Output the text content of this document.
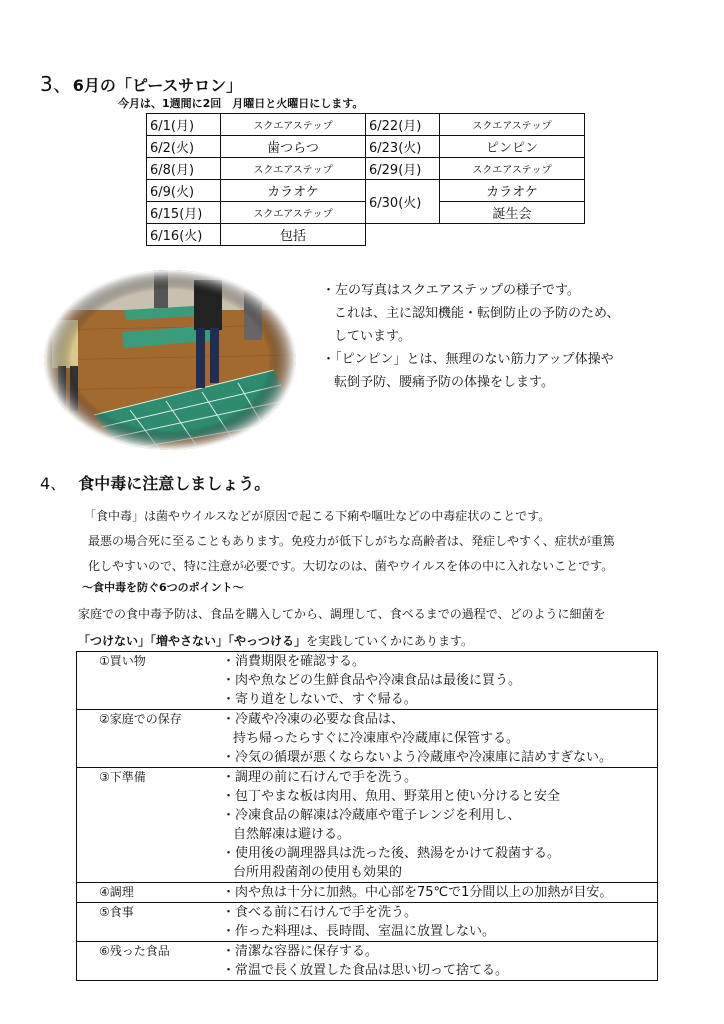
3、6月の「ピースサロン」
今月は、1週間に2回　月曜日と火曜日にします。
6/1(月)	スクエアステップ	6/22(月)	スクエアステップ
6/2(火)	歯つらつ	6/23(火)	ピンピン
6/8(月)	スクエアステップ	6/29(月)	スクエアステップ
6/9(火)	カラオケ	6/30(火)	カラオケ
6/15(月)	スクエアステップ		誕生会
6/16(火)	包括		
・左の写真はスクエアステップの様子です。
これは、主に認知機能・転倒防止の予防のため、
しています。
・「ピンピン」とは、無理のない筋力アップ体操や
転倒予防、腰痛予防の体操をします。
4、 食中毒に注意しましょう。
「食中毒」は菌やウイルスなどが原因で起こる下痢や嘔吐などの中毒症状のことです。
最悪の場合死に至ることもあります。免疫力が低下しがちな高齢者は、発症しやすく、症状が重篤
化しやすいので、特に注意が必要です。大切なのは、菌やウイルスを体の中に入れないことです。
～食中毒を防ぐ6つのポイント～
家庭での食中毒予防は、食品を購入してから、調理して、食べるまでの過程で、どのように細菌を
「つけない」「増やさない」「やっつける」を実践していくかにあります。
①買い物	・消費期限を確認する。
・肉や魚などの生鮮食品や冷凍食品は最後に買う。
・寄り道をしないで、すぐ帰る。
②家庭での保存	・冷蔵や冷凍の必要な食品は、
持ち帰ったらすぐに冷凍庫や冷蔵庫に保管する。
・冷気の循環が悪くならないよう冷蔵庫や冷凍庫に詰めすぎない。
③下準備	・調理の前に石けんで手を洗う。
・包丁やまな板は肉用、魚用、野菜用と使い分けると安全
・冷凍食品の解凍は冷蔵庫や電子レンジを利用し、
自然解凍は避ける。
・使用後の調理器具は洗った後、熱湯をかけて殺菌する。
台所用殺菌剤の使用も効果的
④調理	・肉や魚は十分に加熱。中心部を75℃で1分間以上の加熱が目安。
⑤食事	・食べる前に石けんで手を洗う。
・作った料理は、長時間、室温に放置しない。
⑥残った食品	・清潔な容器に保存する。
・常温で長く放置した食品は思い切って捨てる。
